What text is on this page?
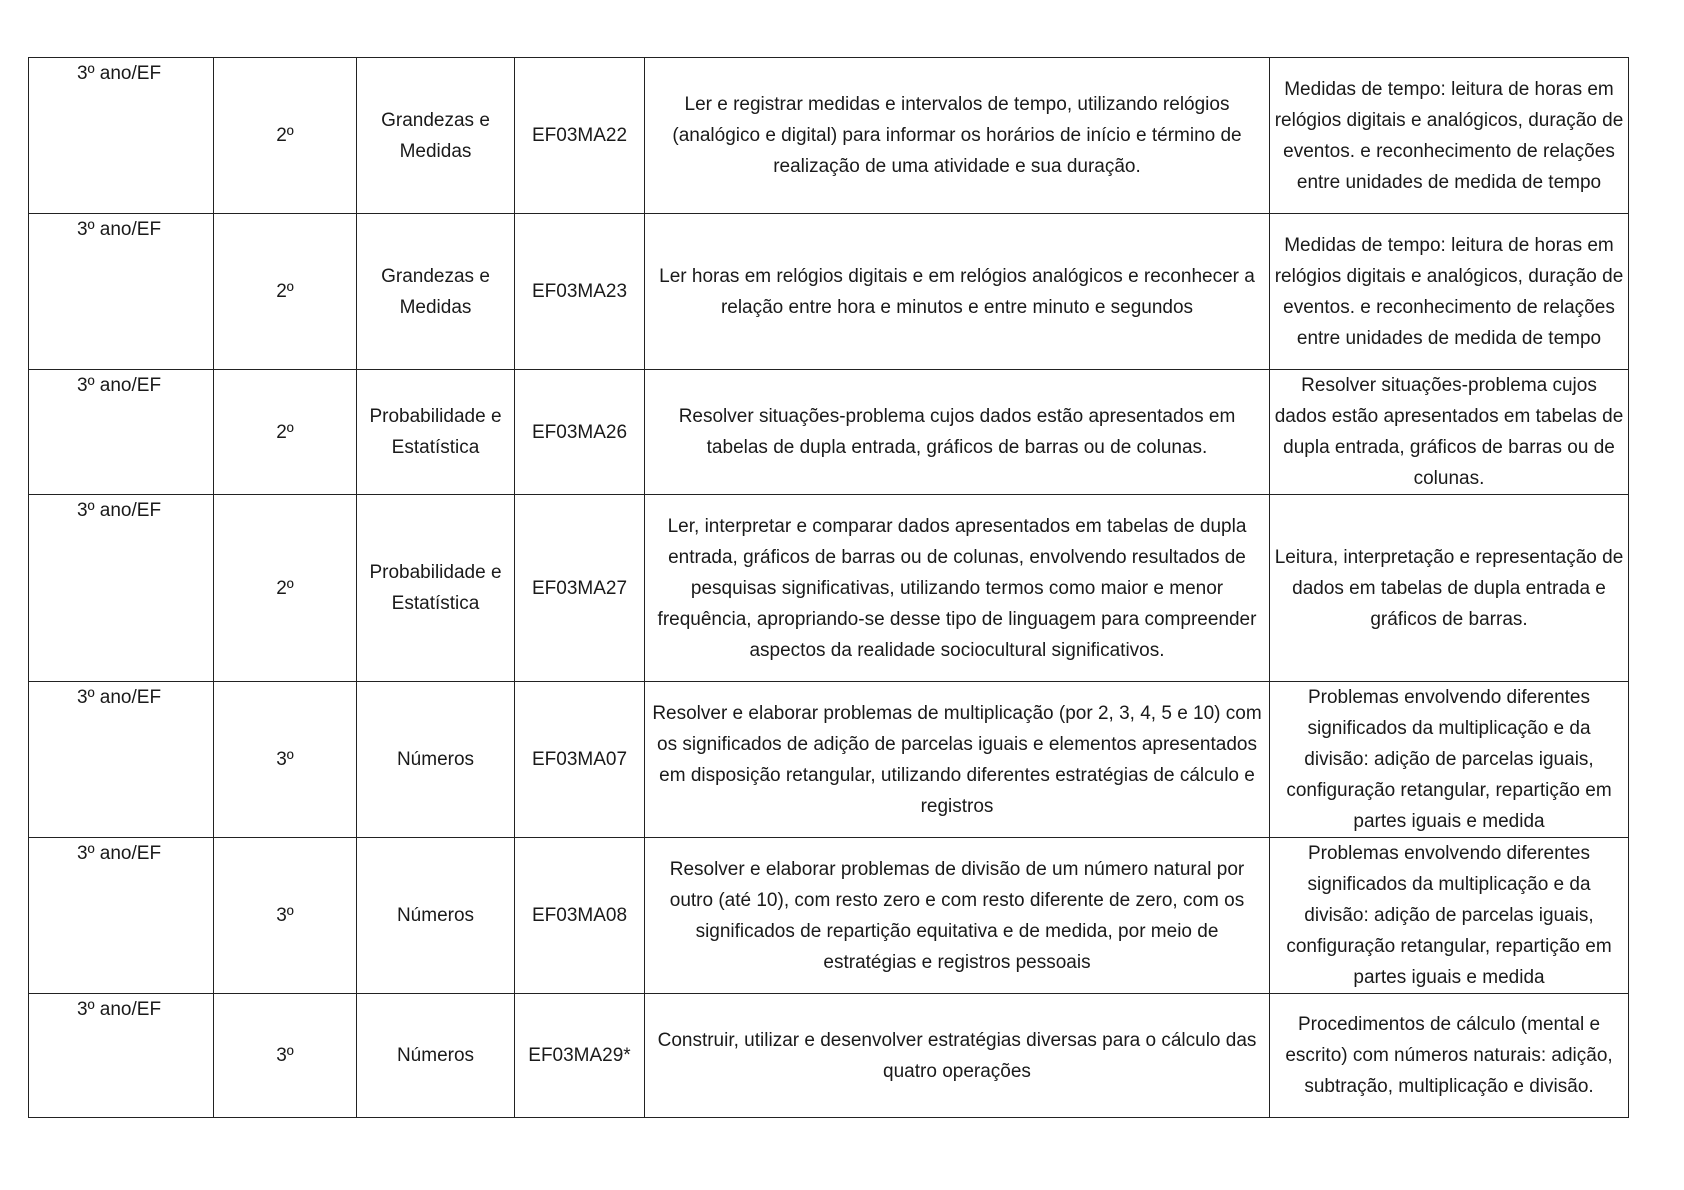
3º ano/EF	2º	Grandezas e Medidas	EF03MA22	Ler e registrar medidas e intervalos de tempo, utilizando relógios (analógico e digital) para informar os horários de início e término de realização de uma atividade e sua duração.	Medidas de tempo: leitura de horas em relógios digitais e analógicos, duração de eventos. e reconhecimento de relações entre unidades de medida de tempo
3º ano/EF	2º	Grandezas e Medidas	EF03MA23	Ler horas em relógios digitais e em relógios analógicos e reconhecer a relação entre hora e minutos e entre minuto e segundos	Medidas de tempo: leitura de horas em relógios digitais e analógicos, duração de eventos. e reconhecimento de relações entre unidades de medida de tempo
3º ano/EF	2º	Probabilidade e Estatística	EF03MA26	Resolver situações-problema cujos dados estão apresentados em tabelas de dupla entrada, gráficos de barras ou de colunas.	Resolver situações-problema cujos dados estão apresentados em tabelas de dupla entrada, gráficos de barras ou de colunas.
3º ano/EF	2º	Probabilidade e Estatística	EF03MA27	Ler, interpretar e comparar dados apresentados em tabelas de dupla entrada, gráficos de barras ou de colunas, envolvendo resultados de pesquisas significativas, utilizando termos como maior e menor frequência, apropriando-se desse tipo de linguagem para compreender aspectos da realidade sociocultural significativos.	Leitura, interpretação e representação de dados em tabelas de dupla entrada e gráficos de barras.
3º ano/EF	3º	Números	EF03MA07	Resolver e elaborar problemas de multiplicação (por 2, 3, 4, 5 e 10) com os significados de adição de parcelas iguais e elementos apresentados em disposição retangular, utilizando diferentes estratégias de cálculo e registros	Problemas envolvendo diferentes significados da multiplicação e da divisão: adição de parcelas iguais, configuração retangular, repartição em partes iguais e medida
3º ano/EF	3º	Números	EF03MA08	Resolver e elaborar problemas de divisão de um número natural por outro (até 10), com resto zero e com resto diferente de zero, com os significados de repartição equitativa e de medida, por meio de estratégias e registros pessoais	Problemas envolvendo diferentes significados da multiplicação e da divisão: adição de parcelas iguais, configuração retangular, repartição em partes iguais e medida
3º ano/EF	3º	Números	EF03MA29*	Construir, utilizar e desenvolver estratégias diversas para o cálculo das quatro operações	Procedimentos de cálculo (mental e escrito) com números naturais: adição, subtração, multiplicação e divisão.
